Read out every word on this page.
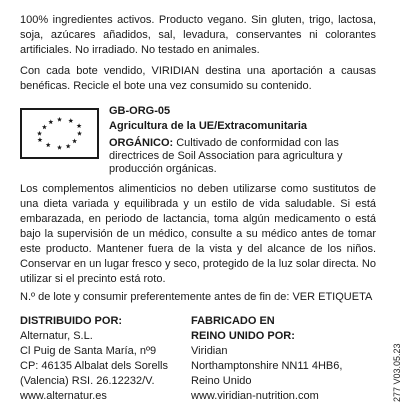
100% ingredientes activos. Producto vegano. Sin gluten, trigo, lactosa, soja, azúcares añadidos, sal, levadura, conservantes ni colorantes artificiales. No irradiado. No testado en animales.

Con cada bote vendido, VIRIDIAN destina una aportación a causas benéficas. Recicle el bote una vez consumido su contenido.

GB-ORG-05
Agricultura de la UE/Extracomunitaria
ORGÁNICO: Cultivado de conformidad con las directrices de Soil Association para agricultura y producción orgánicas.

Los complementos alimenticios no deben utilizarse como sustitutos de una dieta variada y equilibrada y un estilo de vida saludable. Si está embarazada, en periodo de lactancia, toma algún medicamento o está bajo la supervisión de un médico, consulte a su médico antes de tomar este producto. Mantener fuera de la vista y del alcance de los niños. Conservar en un lugar fresco y seco, protegido de la luz solar directa. No utilizar si el precinto está roto.

N.º de lote y consumir preferentemente antes de fin de: VER ETIQUETA

DISTRIBUIDO POR:
Alternatur, S.L.
Cl Puig de Santa María, nº9
CP: 46135 Albalat dels Sorells
(Valencia) RSI. 26.12232/V.
www.alternatur.es
FABRICADO EN
REINO UNIDO POR:
Viridian
Northamptonshire NN11 4HB6,
Reino Unido
www.viridian-nutrition.com	277 V03.05.23
